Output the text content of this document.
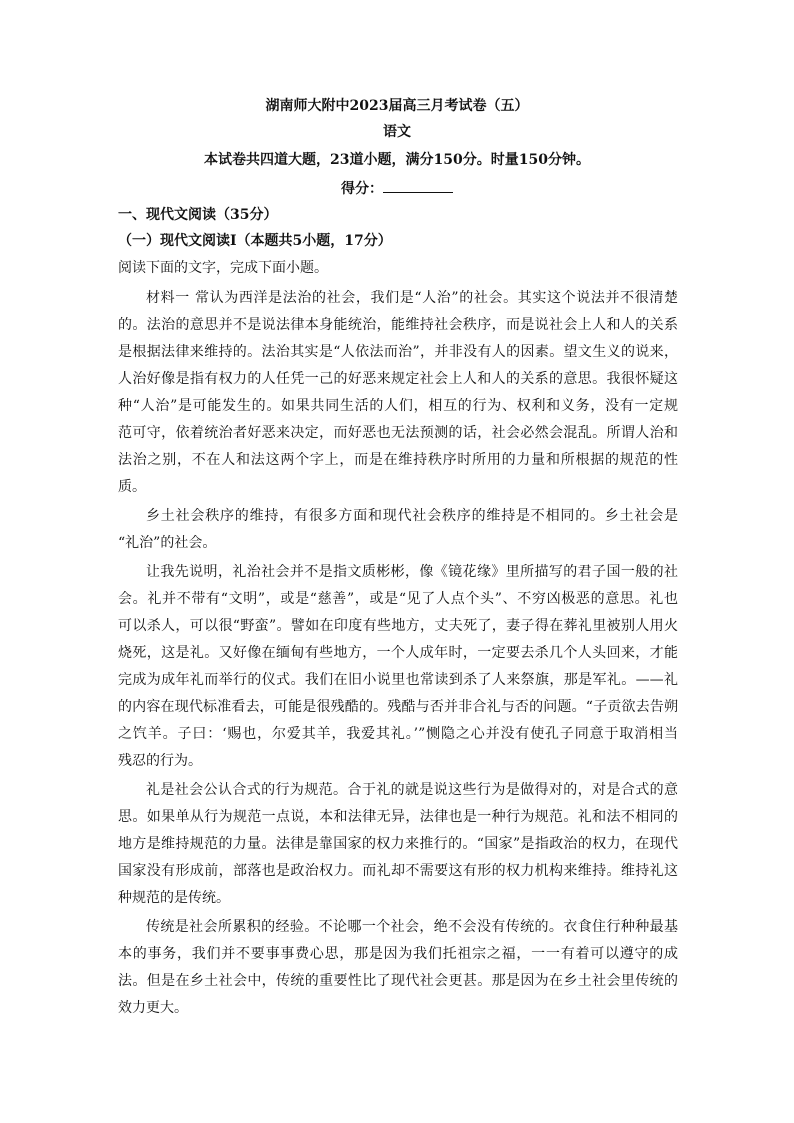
湖南师大附中2023届高三月考试卷（五）
语文
本试卷共四道大题，23道小题，满分150分。时量150分钟。
得分：
一、现代文阅读（35分）
（一）现代文阅读Ⅰ（本题共5小题，17分）
阅读下面的文字，完成下面小题。
材料一 常认为西洋是法治的社会，我们是“人治”的社会。其实这个说法并不很清楚
的。法治的意思并不是说法律本身能统治，能维持社会秩序，而是说社会上人和人的关系
是根据法律来维持的。法治其实是“人依法而治”，并非没有人的因素。望文生义的说来，
人治好像是指有权力的人任凭一己的好恶来规定社会上人和人的关系的意思。我很怀疑这
种“人治”是可能发生的。如果共同生活的人们，相互的行为、权利和义务，没有一定规
范可守，依着统治者好恶来决定，而好恶也无法预测的话，社会必然会混乱。所谓人治和
法治之别，不在人和法这两个字上，而是在维持秩序时所用的力量和所根据的规范的性
质。
乡土社会秩序的维持，有很多方面和现代社会秩序的维持是不相同的。乡土社会是
“礼治”的社会。
让我先说明，礼治社会并不是指文质彬彬，像《镜花缘》里所描写的君子国一般的社
会。礼并不带有“文明”，或是“慈善”，或是“见了人点个头”、不穷凶极恶的意思。礼也
可以杀人，可以很“野蛮”。譬如在印度有些地方，丈夫死了，妻子得在葬礼里被别人用火
烧死，这是礼。又好像在缅甸有些地方，一个人成年时，一定要去杀几个人头回来，才能
完成为成年礼而举行的仪式。我们在旧小说里也常读到杀了人来祭旗，那是军礼。——礼
的内容在现代标准看去，可能是很残酷的。残酷与否并非合礼与否的问题。“子贡欲去告朔
之饩羊。子曰：‘赐也，尔爱其羊，我爱其礼。’”恻隐之心并没有使孔子同意于取消相当
残忍的行为。
礼是社会公认合式的行为规范。合于礼的就是说这些行为是做得对的，对是合式的意
思。如果单从行为规范一点说，本和法律无异，法律也是一种行为规范。礼和法不相同的
地方是维持规范的力量。法律是靠国家的权力来推行的。“国家”是指政治的权力，在现代
国家没有形成前，部落也是政治权力。而礼却不需要这有形的权力机构来维持。维持礼这
种规范的是传统。
传统是社会所累积的经验。不论哪一个社会，绝不会没有传统的。衣食住行种种最基
本的事务，我们并不要事事费心思，那是因为我们托祖宗之福，一一有着可以遵守的成
法。但是在乡土社会中，传统的重要性比了现代社会更甚。那是因为在乡土社会里传统的
效力更大。
